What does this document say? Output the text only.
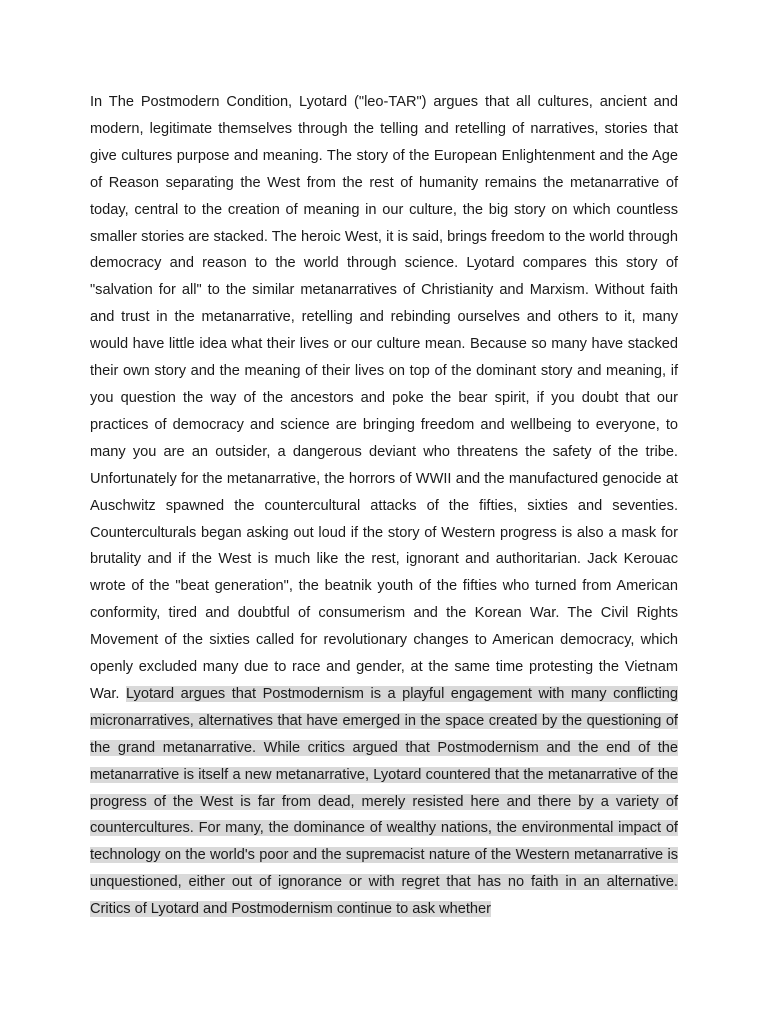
In The Postmodern Condition, Lyotard ("leo-TAR") argues that all cultures, ancient and modern, legitimate themselves through the telling and retelling of narratives, stories that give cultures purpose and meaning. The story of the European Enlightenment and the Age of Reason separating the West from the rest of humanity remains the metanarrative of today, central to the creation of meaning in our culture, the big story on which countless smaller stories are stacked. The heroic West, it is said, brings freedom to the world through democracy and reason to the world through science. Lyotard compares this story of "salvation for all" to the similar metanarratives of Christianity and Marxism. Without faith and trust in the metanarrative, retelling and rebinding ourselves and others to it, many would have little idea what their lives or our culture mean. Because so many have stacked their own story and the meaning of their lives on top of the dominant story and meaning, if you question the way of the ancestors and poke the bear spirit, if you doubt that our practices of democracy and science are bringing freedom and wellbeing to everyone, to many you are an outsider, a dangerous deviant who threatens the safety of the tribe. Unfortunately for the metanarrative, the horrors of WWII and the manufactured genocide at Auschwitz spawned the countercultural attacks of the fifties, sixties and seventies. Counterculturals began asking out loud if the story of Western progress is also a mask for brutality and if the West is much like the rest, ignorant and authoritarian. Jack Kerouac wrote of the "beat generation", the beatnik youth of the fifties who turned from American conformity, tired and doubtful of consumerism and the Korean War. The Civil Rights Movement of the sixties called for revolutionary changes to American democracy, which openly excluded many due to race and gender, at the same time protesting the Vietnam War. Lyotard argues that Postmodernism is a playful engagement with many conflicting micronarratives, alternatives that have emerged in the space created by the questioning of the grand metanarrative. While critics argued that Postmodernism and the end of the metanarrative is itself a new metanarrative, Lyotard countered that the metanarrative of the progress of the West is far from dead, merely resisted here and there by a variety of countercultures. For many, the dominance of wealthy nations, the environmental impact of technology on the world's poor and the supremacist nature of the Western metanarrative is unquestioned, either out of ignorance or with regret that has no faith in an alternative. Critics of Lyotard and Postmodernism continue to ask whether
